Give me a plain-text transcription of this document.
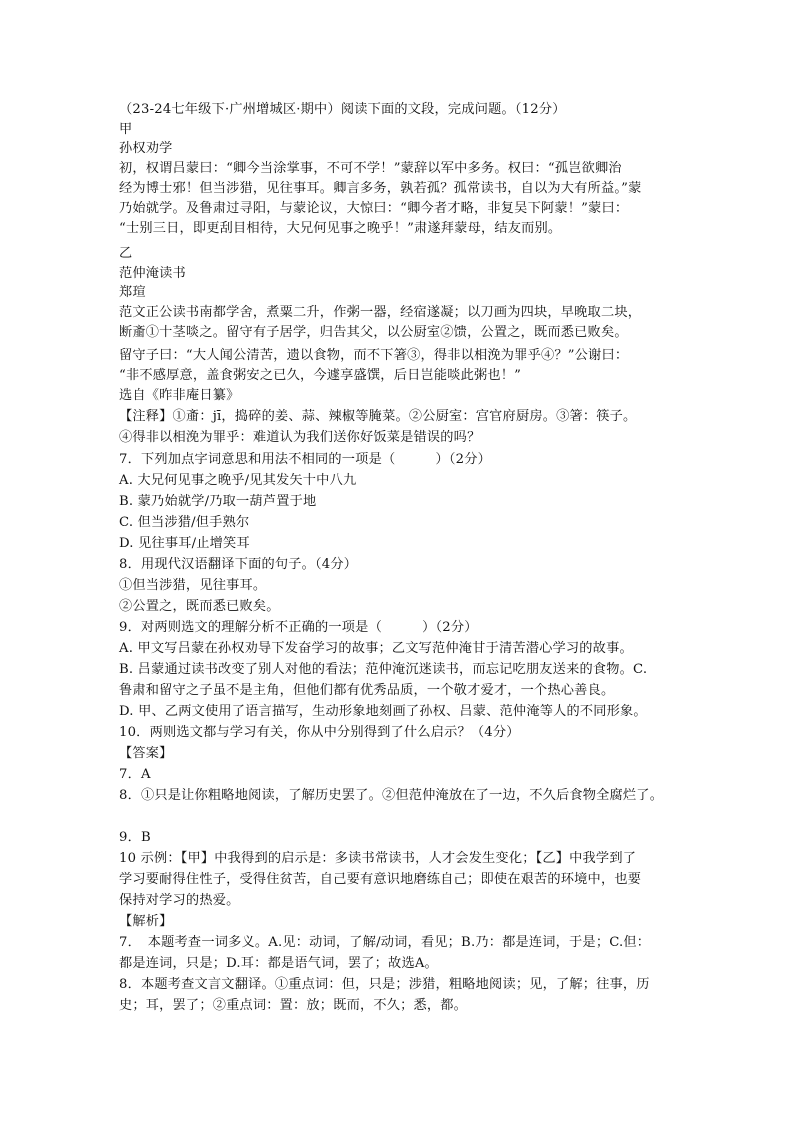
（23-24七年级下·广州增城区·期中）阅读下面的文段，完成问题。（12分）
甲
孙权劝学
初，权谓吕蒙曰：“卿今当涂掌事，不可不学！”蒙辞以军中多务。权曰：“孤岂欲卿治
经为博士邪！但当涉猎，见往事耳。卿言多务，孰若孤？孤常读书，自以为大有所益。”蒙
乃始就学。及鲁肃过寻阳，与蒙论议，大惊曰：“卿今者才略，非复吴下阿蒙！”蒙曰：
“士别三日，即更刮目相待，大兄何见事之晚乎！”肃遂拜蒙母，结友而别。
乙
范仲淹读书
郑瑄
范文正公读书南都学舍，煮粟二升，作粥一器，经宿遂凝；以刀画为四块，早晚取二块，
断齑①十茎啖之。留守有子居学，归告其父，以公厨室②馈，公置之，既而悉已败矣。
留守子曰：“大人闻公清苦，遗以食物，而不下箸③，得非以相浼为罪乎④？”公谢曰：
“非不感厚意，盖食粥安之已久，今遽享盛馔，后日岂能啖此粥也！”
选自《昨非庵日纂》
【注释】①齑：jī，捣碎的姜、蒜、辣椒等腌菜。②公厨室：宫官府厨房。③箸：筷子。
④得非以相浼为罪乎：难道认为我们送你好饭菜是错误的吗？
7．下列加点字词意思和用法不相同的一项是（　　　）（2分）
A. 大兄何见事之晚乎/见其发矢十中八九
B. 蒙乃始就学/乃取一葫芦置于地
C. 但当涉猎/但手熟尔
D. 见往事耳/止增笑耳
8．用现代汉语翻译下面的句子。（4分）
①但当涉猎，见往事耳。
②公置之，既而悉已败矣。
9．对两则选文的理解分析不正确的一项是（　　　）（2分）
A. 甲文写吕蒙在孙权劝导下发奋学习的故事；乙文写范仲淹甘于清苦潜心学习的故事。
B. 吕蒙通过读书改变了别人对他的看法；范仲淹沉迷读书，而忘记吃朋友送来的食物。C.
鲁肃和留守之子虽不是主角，但他们都有优秀品质，一个敬才爱才，一个热心善良。
D. 甲、乙两文使用了语言描写，生动形象地刻画了孙权、吕蒙、范仲淹等人的不同形象。
10．两则选文都与学习有关，你从中分别得到了什么启示？（4分）
【答案】
7．A
8．①只是让你粗略地阅读，了解历史罢了。②但范仲淹放在了一边，不久后食物全腐烂了。
9．B
10 示例：【甲】中我得到的启示是：多读书常读书，人才会发生变化；【乙】中我学到了
学习要耐得住性子，受得住贫苦，自己要有意识地磨练自己；即使在艰苦的环境中，也要
保持对学习的热爱。
【解析】
7．　本题考查一词多义。A.见：动词，了解/动词，看见；B.乃：都是连词，于是；C.但：
都是连词，只是；D.耳：都是语气词，罢了；故选A。
8．本题考查文言文翻译。①重点词：但，只是；涉猎，粗略地阅读；见，了解；往事，历
史；耳，罢了；②重点词：置：放；既而，不久；悉，都。
